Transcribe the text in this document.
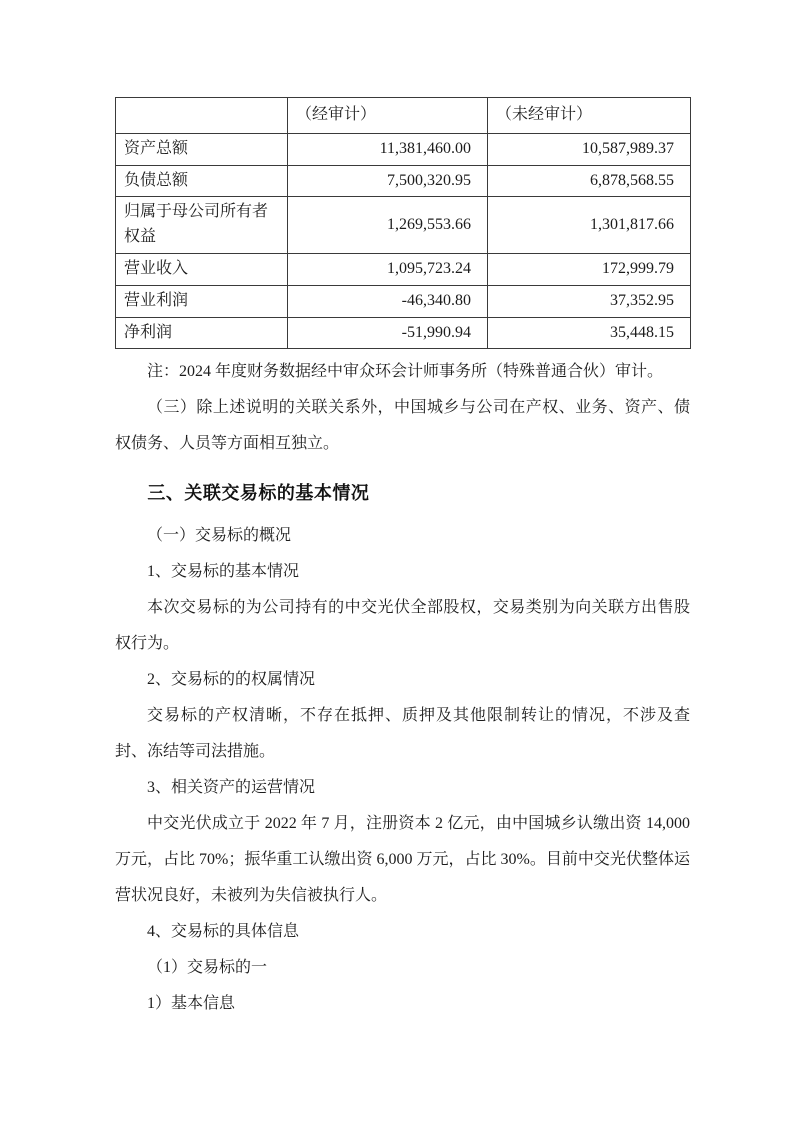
	（经审计）	（未经审计）
资产总额	11,381,460.00	10,587,989.37
负债总额	7,500,320.95	6,878,568.55
归属于母公司所有者权益	1,269,553.66	1,301,817.66
营业收入	1,095,723.24	172,999.79
营业利润	-46,340.80	37,352.95
净利润	-51,990.94	35,448.15

注：2024 年度财务数据经中审众环会计师事务所（特殊普通合伙）审计。

（三）除上述说明的关联关系外，中国城乡与公司在产权、业务、资产、债权债务、人员等方面相互独立。

三、关联交易标的基本情况

（一）交易标的概况

1、交易标的基本情况

本次交易标的为公司持有的中交光伏全部股权，交易类别为向关联方出售股权行为。

2、交易标的的权属情况

交易标的产权清晰，不存在抵押、质押及其他限制转让的情况，不涉及查封、冻结等司法措施。

3、相关资产的运营情况

中交光伏成立于 2022 年 7 月，注册资本 2 亿元，由中国城乡认缴出资 14,000 万元，占比 70%；振华重工认缴出资 6,000 万元，占比 30%。目前中交光伏整体运营状况良好，未被列为失信被执行人。

4、交易标的具体信息

（1）交易标的一

1）基本信息
